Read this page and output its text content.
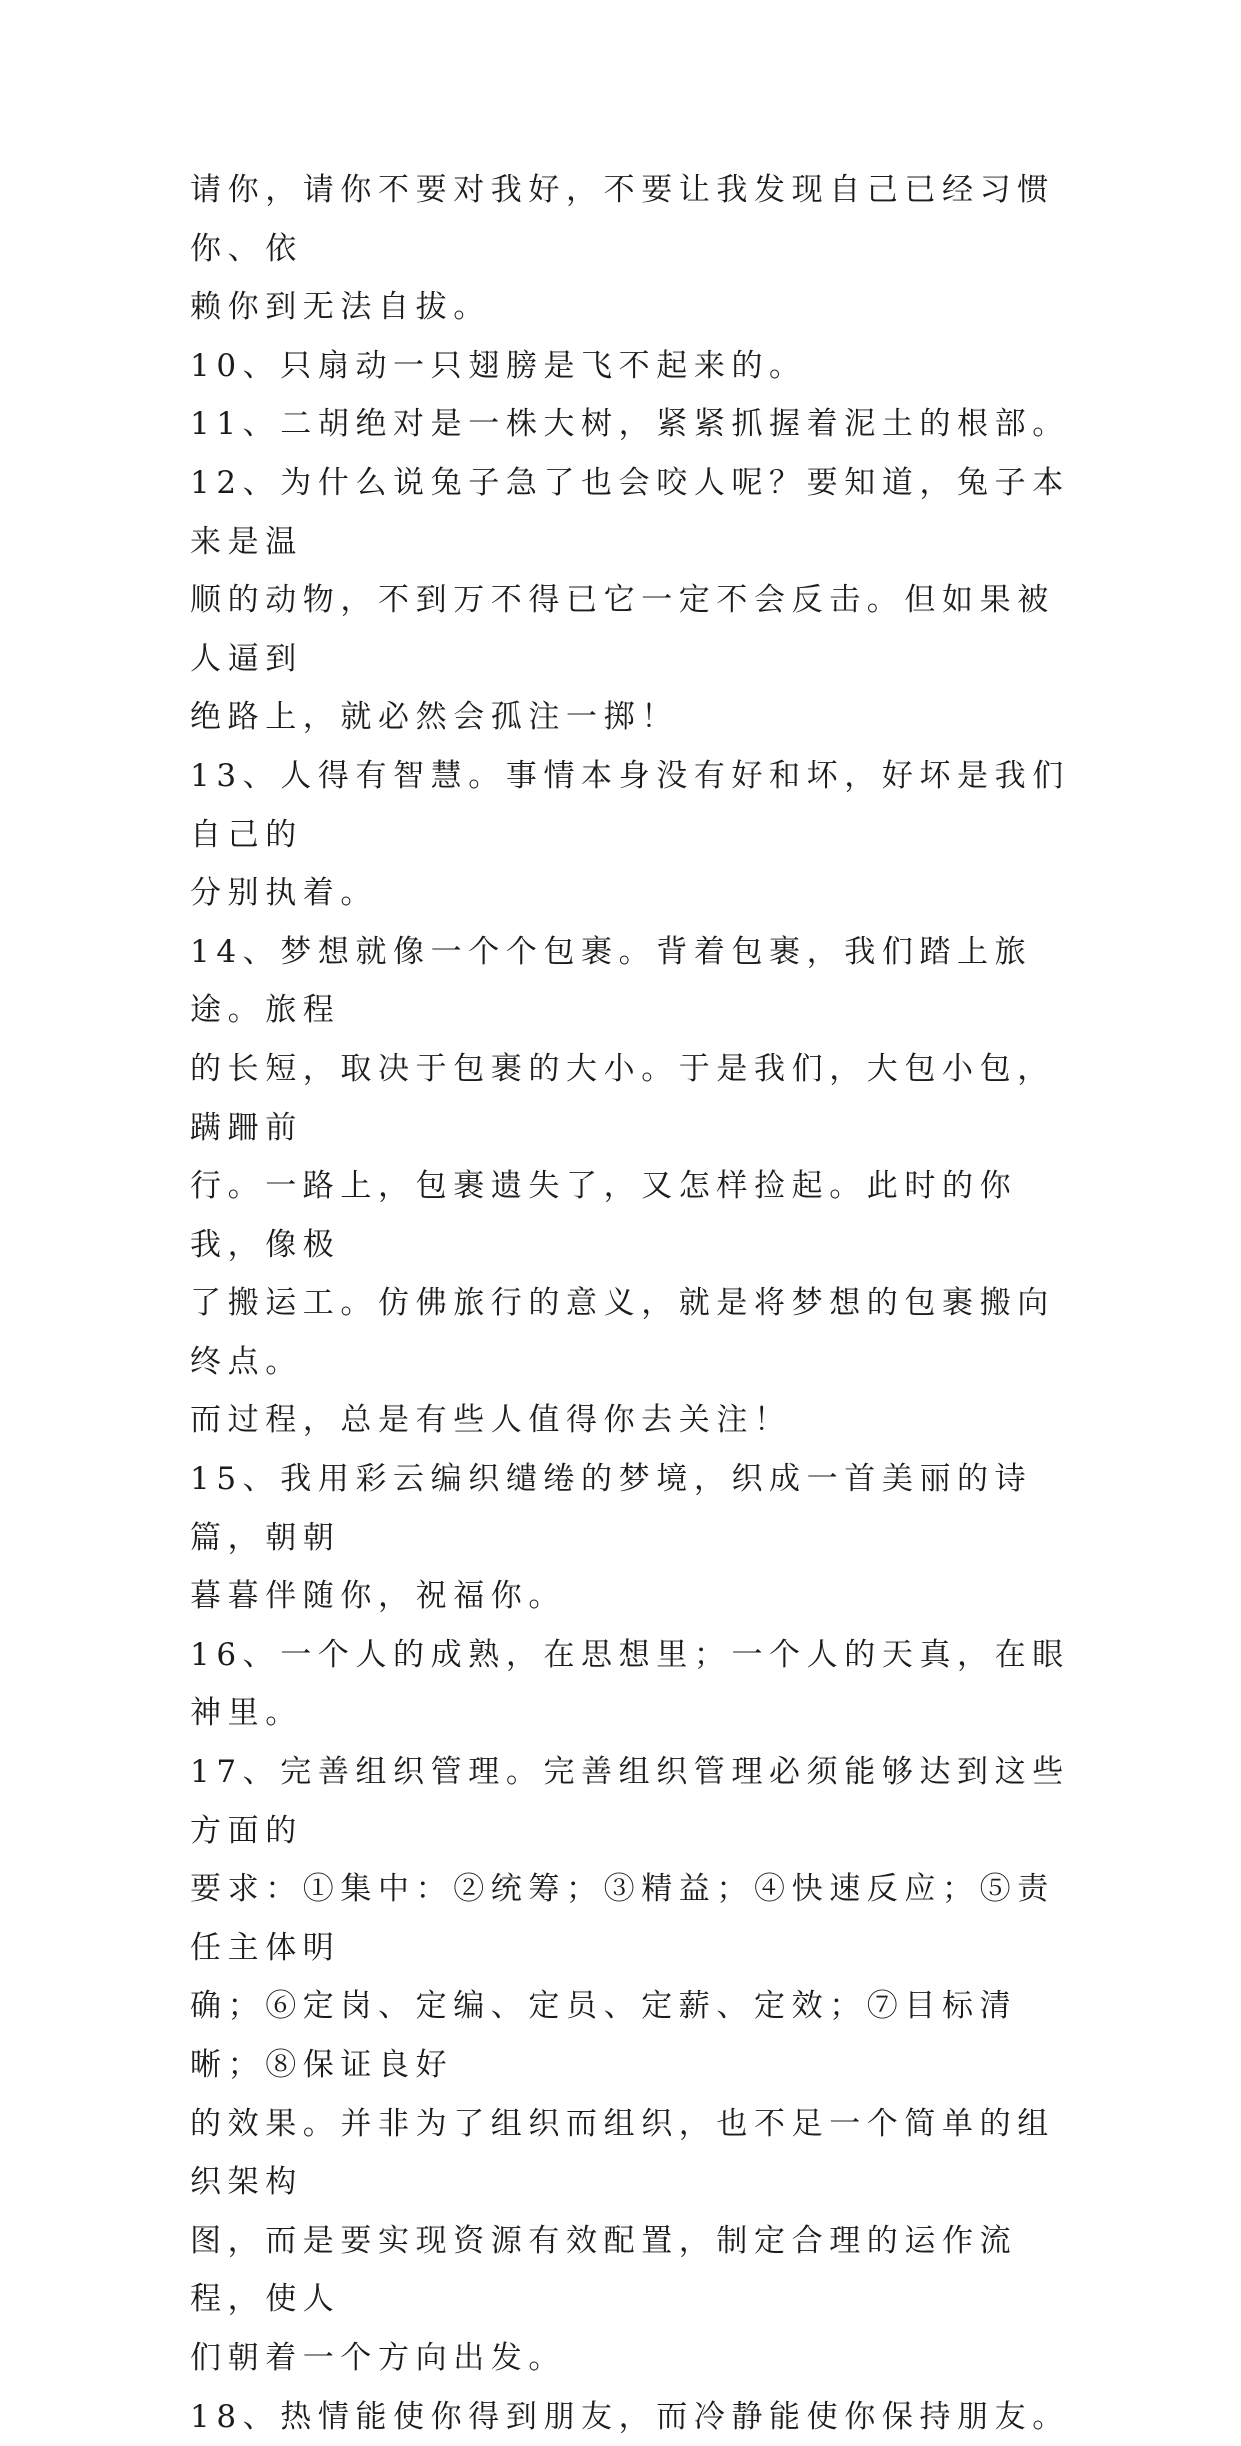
请你，请你不要对我好，不要让我发现自己已经习惯你、依
赖你到无法自拔。

10、只扇动一只翅膀是飞不起来的。

11、二胡绝对是一株大树，紧紧抓握着泥土的根部。

12、为什么说兔子急了也会咬人呢？要知道，兔子本来是温
顺的动物，不到万不得已它一定不会反击。但如果被人逼到
绝路上，就必然会孤注一掷！

13、人得有智慧。事情本身没有好和坏，好坏是我们自己的
分别执着。

14、梦想就像一个个包裹。背着包裹，我们踏上旅途。旅程
的长短，取决于包裹的大小。于是我们，大包小包，蹒跚前
行。一路上，包裹遗失了，又怎样捡起。此时的你我，像极
了搬运工。仿佛旅行的意义，就是将梦想的包裹搬向终点。
而过程，总是有些人值得你去关注！

15、我用彩云编织缱绻的梦境，织成一首美丽的诗篇，朝朝
暮暮伴随你，祝福你。

16、一个人的成熟，在思想里；一个人的天真，在眼神里。

17、完善组织管理。完善组织管理必须能够达到这些方面的
要求：①集中：②统筹；③精益；④快速反应；⑤责任主体明
确；⑥定岗、定编、定员、定薪、定效；⑦目标清晰；⑧保证良好
的效果。并非为了组织而组织，也不足一个简单的组织架构
图，而是要实现资源有效配置，制定合理的运作流程，使人
们朝着一个方向出发。

18、热情能使你得到朋友，而冷静能使你保持朋友。
